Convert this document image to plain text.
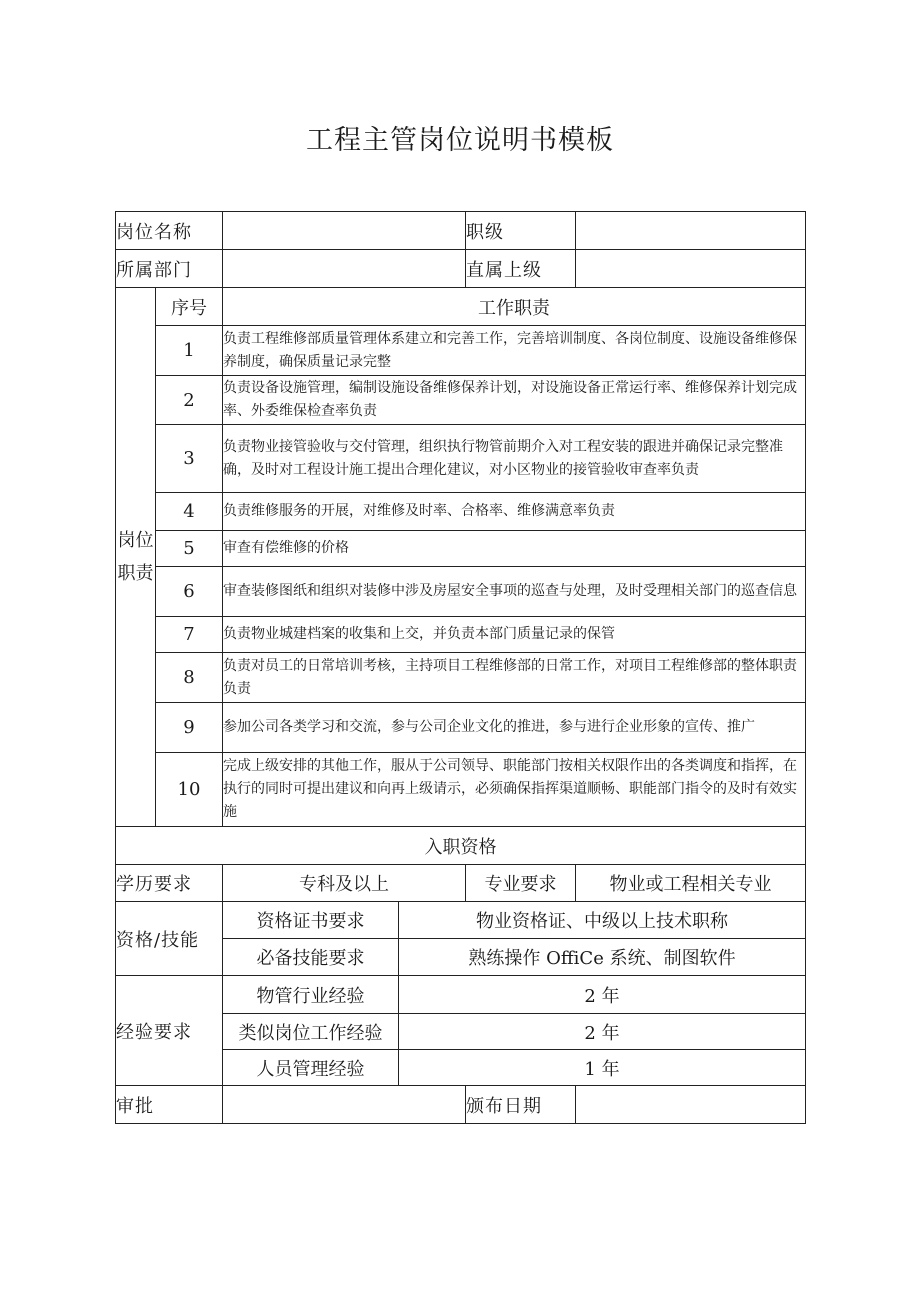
工程主管岗位说明书模板
岗位名称				职级	
所属部门				直属上级	
岗位职责	序号	工作职责			
	1	负责工程维修部质量管理体系建立和完善工作，完善培训制度、各岗位制度、设施设备维修保养制度，确保质量记录完整			
	2	负责设备设施管理，编制设施设备维修保养计划，对设施设备正常运行率、维修保养计划完成率、外委维保检查率负责			
	3	负责物业接管验收与交付管理，组织执行物管前期介入对工程安装的跟进并确保记录完整准确，及时对工程设计施工提出合理化建议，对小区物业的接管验收审查率负责			
	4	负责维修服务的开展，对维修及时率、合格率、维修满意率负责			
	5	审查有偿维修的价格			
	6	审查装修图纸和组织对装修中涉及房屋安全事项的巡查与处理，及时受理相关部门的巡查信息			
	7	负责物业城建档案的收集和上交，并负责本部门质量记录的保管			
	8	负责对员工的日常培训考核，主持项目工程维修部的日常工作，对项目工程维修部的整体职责负责			
	9	参加公司各类学习和交流，参与公司企业文化的推进，参与进行企业形象的宣传、推广			
	10	完成上级安排的其他工作，服从于公司领导、职能部门按相关权限作出的各类调度和指挥，在执行的同时可提出建议和向再上级请示，必须确保指挥渠道顺畅、职能部门指令的及时有效实施			
入职资格					
学历要求		专科及以上		专业要求	物业或工程相关专业
资格/技能		资格证书要求	物业资格证、中级以上技术职称		
		必备技能要求	熟练操作 OffiCe 系统、制图软件		
经验要求		物管行业经验	2 年		
		类似岗位工作经验	2 年		
		人员管理经验	1 年		
审批				颁布日期	
